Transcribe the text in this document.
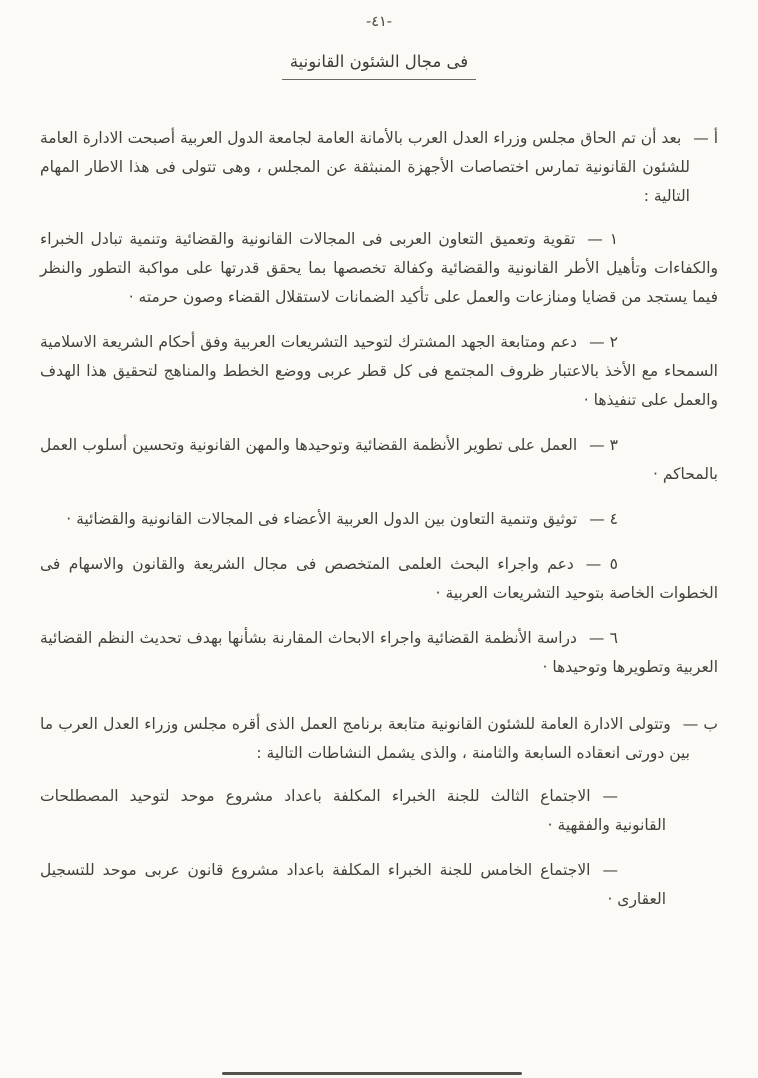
-٤١-
فى مجال الشئون القانونية

أ —بعد أن تم الحاق مجلس وزراء العدل العرب بالأمانة العامة لجامعة الدول العربية أصبحت الادارة العامة للشئون القانونية تمارس اختصاصات الأجهزة المنبثقة عن المجلس ، وهى تتولى فى هذا الاطار المهام التالية :

١ —تقوية وتعميق التعاون العربى فى المجالات القانونية والقضائية وتنمية تبادل الخبراء والكفاءات وتأهيل الأطر القانونية والقضائية وكفالة تخصصها بما يحقق قدرتها على مواكبة التطور والنظر فيما يستجد من قضايا ومنازعات والعمل على تأكيد الضمانات لاستقلال القضاء وصون حرمته ·

٢ —دعم ومتابعة الجهد المشترك لتوحيد التشريعات العربية وفق أحكام الشريعة الاسلامية السمحاء مع الأخذ بالاعتبار ظروف المجتمع فى كل قطر عربى ووضع الخطط والمناهج لتحقيق هذا الهدف والعمل على تنفيذها ·

٣ —العمل على تطوير الأنظمة القضائية وتوحيدها والمهن القانونية وتحسين أسلوب العمل بالمحاكم ·

٤ —توثيق وتنمية التعاون بين الدول العربية الأعضاء فى المجالات القانونية والقضائية ·

٥ —دعم واجراء البحث العلمى المتخصص فى مجال الشريعة والقانون والاسهام فى الخطوات الخاصة بتوحيد التشريعات العربية ·

٦ —دراسة الأنظمة القضائية واجراء الابحاث المقارنة بشأنها بهدف تحديث النظم القضائية العربية وتطويرها وتوحيدها ·

ب —وتتولى الادارة العامة للشئون القانونية متابعة برنامج العمل الذى أقره مجلس وزراء العدل العرب ما بين دورتى انعقاده السابعة والثامنة ، والذى يشمل النشاطات التالية :

—الاجتماع الثالث للجنة الخبراء المكلفة باعداد مشروع موحد لتوحيد المصطلحات القانونية والفقهية ·

—الاجتماع الخامس للجنة الخبراء المكلفة باعداد مشروع قانون عربى موحد للتسجيل العقارى ·
